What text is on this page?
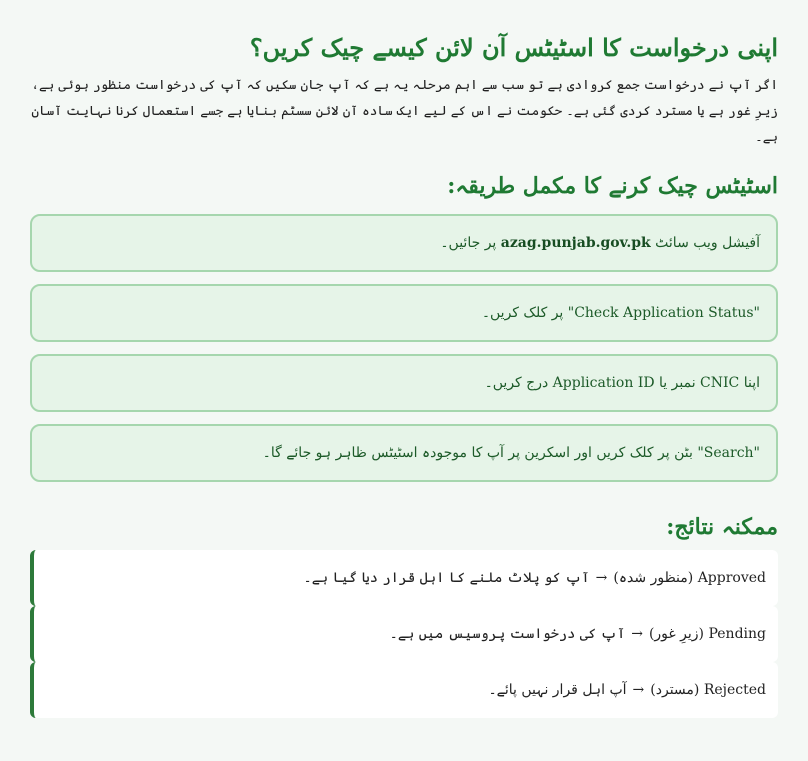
اپنی درخواست کا اسٹیٹس آن لائن کیسے چیک کریں؟

اگر آپ نے درخواست جمع کروادی ہے تو سب سے اہم مرحلہ یہ ہے کہ آپ جان سکیں کہ آپ کی درخواست منظور ہوئی ہے، زیرِ غور ہے یا مسترد کردی گئی ہے۔ حکومت نے اس کے لیے ایک سادہ آن لائن سسٹم بنایا ہے جسے استعمال کرنا نہایت آسان ہے۔

اسٹیٹس چیک کرنے کا مکمل طریقہ:
آفیشل ویب سائٹ azag.punjab.gov.pk پر جائیں۔
"Check Application Status" پر کلک کریں۔
اپنا CNIC نمبر یا Application ID درج کریں۔
"Search" بٹن پر کلک کریں اور اسکرین پر آپ کا موجودہ اسٹیٹس ظاہر ہو جائے گا۔
ممکنہ نتائج:
Approved (منظور شدہ)→آپ کو پلاٹ ملنے کا اہل قرار دیا گیا ہے۔
Pending (زیرِ غور)→آپ کی درخواست پروسیس میں ہے۔
Rejected (مسترد)→آپ اہل قرار نہیں پائے۔
